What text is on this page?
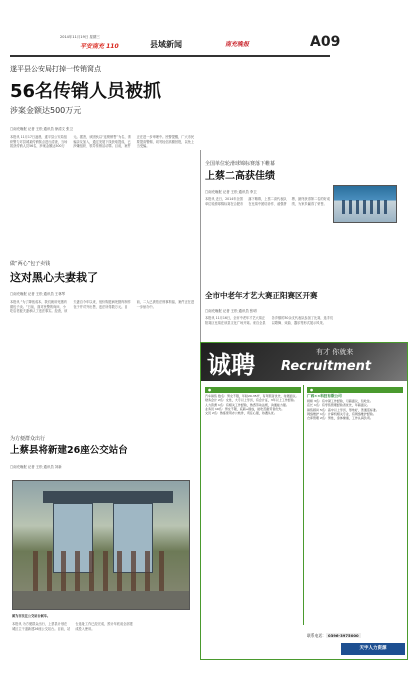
2014年11月19日 星期三
平安南充 110	县域新闻	南充晚报	A09
遂平县公安局打掉一传销窝点
56名传销人员被抓
涉案金额达500万元
□南充晚报 记者 王松 通讯员 徐清文 张卫
本报讯 11月17日凌晨，遂平县公安局组织警力对县城某传销窝点进行清查，当场抓获传销人员56名，涉案金额达500万元。据悉，该团伙以“连锁销售”为名，诱骗亲友加入，通过发展下线获取提成，已涉嫌组织、领导传销活动罪。目前，案件正在进一步审理中。民警提醒，广大市民要提高警惕，切勿轻信高额回报，以免上当受骗。
做“两心”包子卖钱
这对黑心夫妻栽了
□南充晚报 记者 王松 通讯员 王林琴
本报讯 “为了降低成本，我们就用死猪肉做包子卖。”日前，面对民警的询问，小吃店老板夫妻承认了违法事实。经查，该夫妻自今年以来，低价购进病死猪肉制作包子并对外出售，违法所得数万元。目前，二人已被依法刑事拘留，案件正在进一步侦办中。
全国单位轮滑球锦标赛落下帷幕
上蔡二高获佳绩
□南充晚报 记者 王松 通讯员 李卫
本报讯 近日，2014年全国单位轮滑球锦标赛在合肥市落下帷幕，上蔡二高代表队在比赛中团结协作、顽强拼搏，最终获得第二名的好成绩，为家乡赢得了荣誉。
全市中老年才艺大赛正阳赛区开赛
□南充晚报 记者 王松 通讯员 张明
本报讯 11月16日，全市中老年才艺大赛正阳赛区比赛在该县文化广场开赛。来自全县各乡镇的30余支代表队参加了比赛，选手们以歌舞、戏曲、器乐等形式展示风采。
诚聘	有才 你就来
Recruitment
●
汽车销售 数名：男女不限，年龄20-35岁，有驾照者优先，待遇面议。
财务会计 2名：女性，大专以上学历，有会计证，3年以上工作经验。
人力资源 1名：有相关工作经验，熟悉劳动法规，沟通能力强。
业务员 10名：男女不限，底薪+提成，能吃苦耐劳者优先。
文员 2名：熟练使用办公软件，责任心强，待遇从优。
●
广西××科技有限公司
厨师 3名：有中餐工作经验，月薪面议，包吃住。
店长 1名：有零售管理经验者优先，年薪面议。
销售顾问 5名：高中以上学历，形象好，普通话标准。
网络维护 1名：计算机相关专业，有网络维护经验。
仓库管理 2名：男性，身体健康，工作认真负责。
联系电话： 0396-3975000
天宇人力资源
为方便群众出行
上蔡县将新建26座公交站台
□南充晚报 记者 王松 通讯员 刘新
图为市民在公交站台候车。
本报讯 为方便群众出行，上蔡县计划在城区主干道新建26座公交站台。目前，站台选址工作已经完成，预计年底前全部建成投入使用。
